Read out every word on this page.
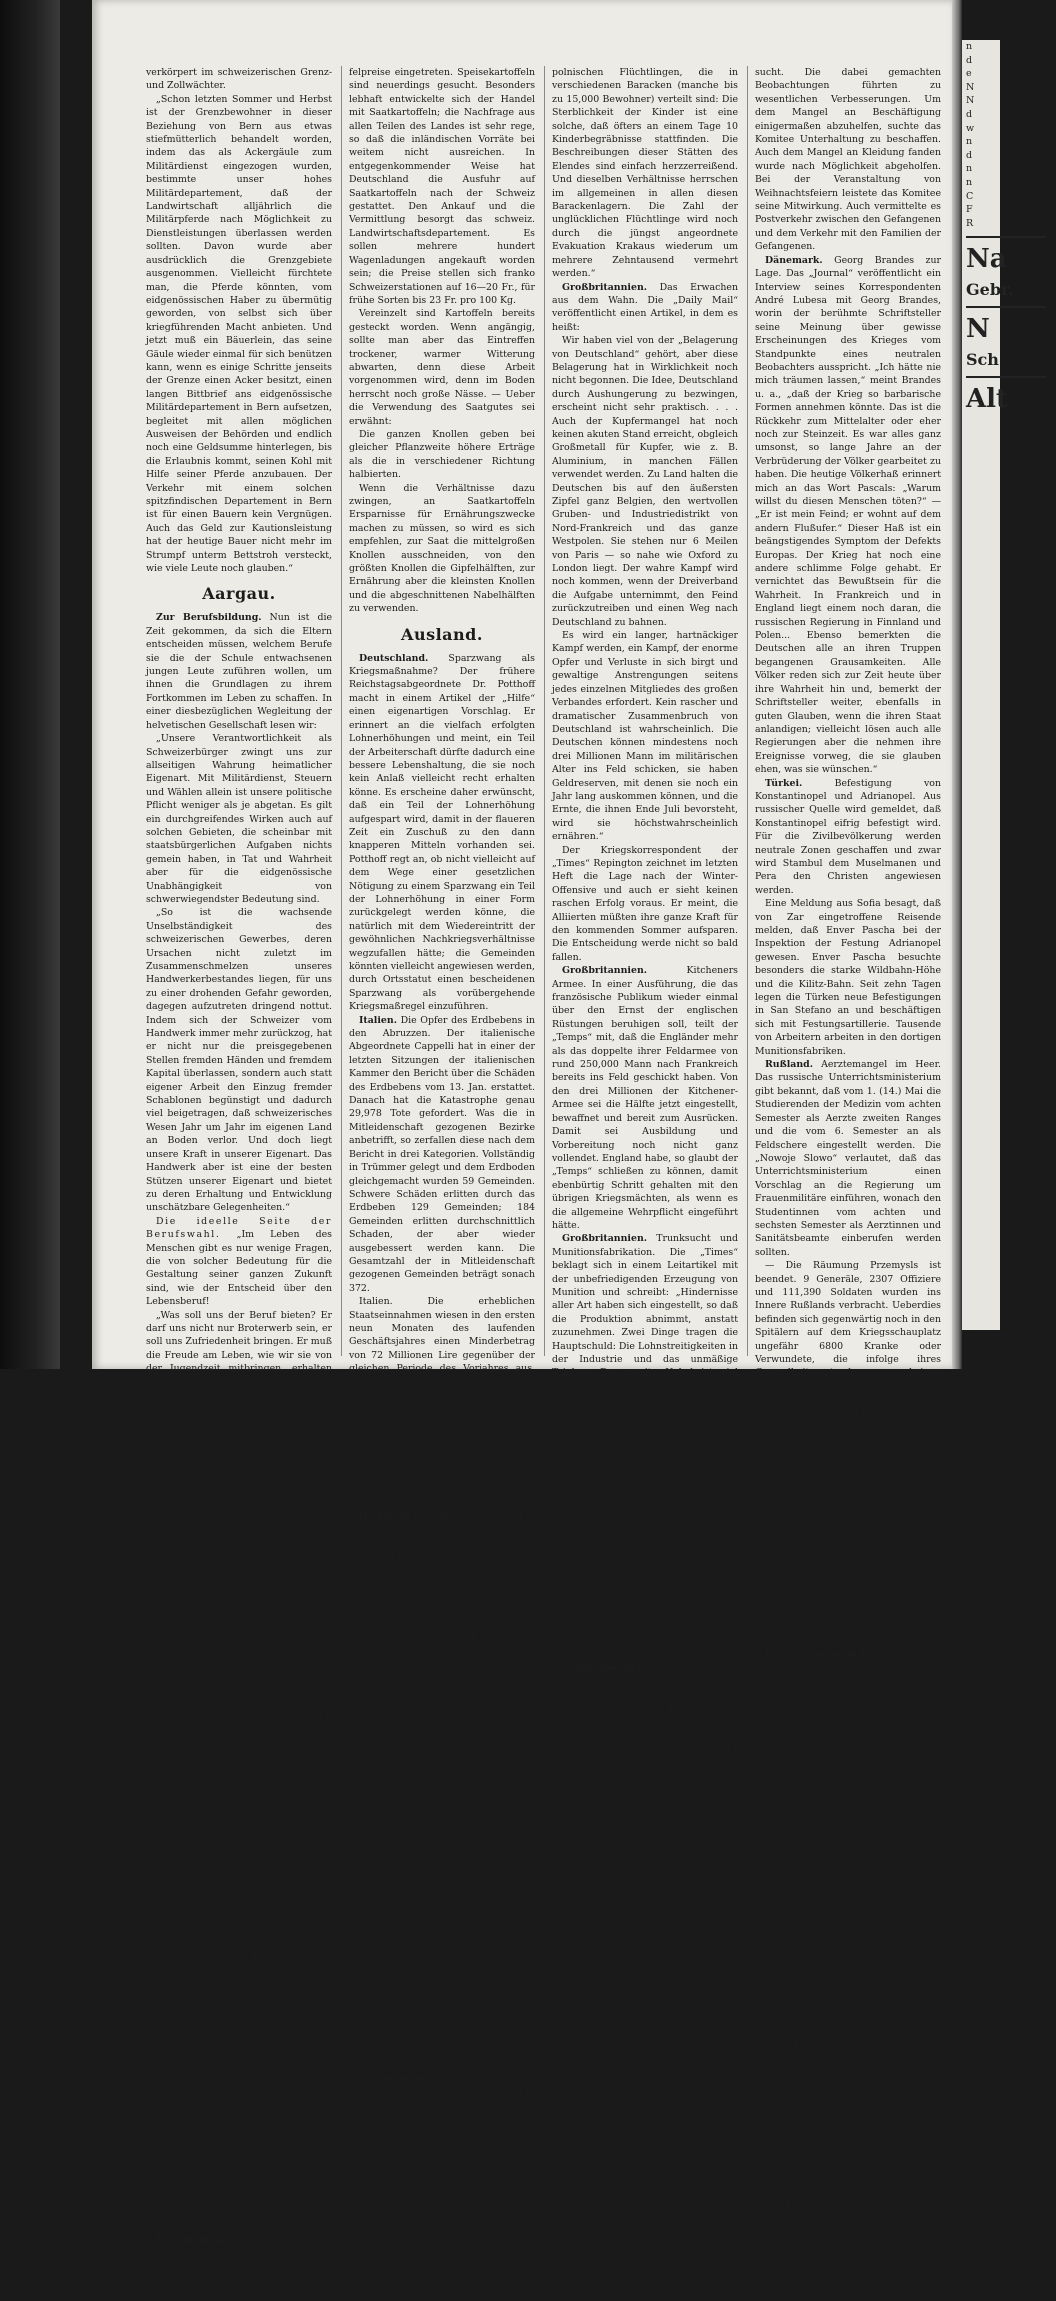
verkörpert im schweizerischen Grenz- und Zollwächter.

„Schon letzten Sommer und Herbst ist der Grenzbewohner in dieser Beziehung von Bern aus etwas stiefmütterlich behandelt worden, indem das als Ackergäule zum Militärdienst eingezogen wurden, bestimmte unser hohes Militärdepartement, daß der Landwirtschaft alljährlich die Militärpferde nach Möglichkeit zu Dienstleistungen überlassen werden sollten. Davon wurde aber ausdrücklich die Grenzgebiete ausgenommen. Vielleicht fürchtete man, die Pferde könnten, vom eidgenössischen Haber zu übermütig geworden, von selbst sich über kriegführenden Macht anbieten. Und jetzt muß ein Bäuerlein, das seine Gäule wieder einmal für sich benützen kann, wenn es einige Schritte jenseits der Grenze einen Acker besitzt, einen langen Bittbrief ans eidgenössische Militärdepartement in Bern aufsetzen, begleitet mit allen möglichen Ausweisen der Behörden und endlich noch eine Geldsumme hinterlegen, bis die Erlaubnis kommt, seinen Kohl mit Hilfe seiner Pferde anzubauen. Der Verkehr mit einem solchen spitzfindischen Departement in Bern ist für einen Bauern kein Vergnügen. Auch das Geld zur Kautionsleistung hat der heutige Bauer nicht mehr im Strumpf unterm Bettstroh versteckt, wie viele Leute noch glauben.“

Aargau.

Zur Berufsbildung. Nun ist die Zeit gekommen, da sich die Eltern entscheiden müssen, welchem Berufe sie die der Schule entwachsenen jungen Leute zuführen wollen, um ihnen die Grundlagen zu ihrem Fortkommen im Leben zu schaffen. In einer diesbezüglichen Wegleitung der helvetischen Gesellschaft lesen wir:

„Unsere Verantwortlichkeit als Schweizerbürger zwingt uns zur allseitigen Wahrung heimatlicher Eigenart. Mit Militärdienst, Steuern und Wählen allein ist unsere politische Pflicht weniger als je abgetan. Es gilt ein durchgreifendes Wirken auch auf solchen Gebieten, die scheinbar mit staatsbürgerlichen Aufgaben nichts gemein haben, in Tat und Wahrheit aber für die eidgenössische Unabhängigkeit von schwerwiegendster Bedeutung sind.

„So ist die wachsende Unselbständigkeit des schweizerischen Gewerbes, deren Ursachen nicht zuletzt im Zusammenschmelzen unseres Handwerkerbestandes liegen, für uns zu einer drohenden Gefahr geworden, dagegen aufzutreten dringend nottut. Indem sich der Schweizer vom Handwerk immer mehr zurückzog, hat er nicht nur die preisgegebenen Stellen fremden Händen und fremdem Kapital überlassen, sondern auch statt eigener Arbeit den Einzug fremder Schablonen begünstigt und dadurch viel beigetragen, daß schweizerisches Wesen Jahr um Jahr im eigenen Land an Boden verlor. Und doch liegt unsere Kraft in unserer Eigenart. Das Handwerk aber ist eine der besten Stützen unserer Eigenart und bietet zu deren Erhaltung und Entwicklung unschätzbare Gelegenheiten.“

Die ideelle Seite der Berufswahl. „Im Leben des Menschen gibt es nur wenige Fragen, die von solcher Bedeutung für die Gestaltung seiner ganzen Zukunft sind, wie der Entscheid über den Lebensberuf!

„Was soll uns der Beruf bieten? Er darf uns nicht nur Broterwerb sein, er soll uns Zufriedenheit bringen. Er muß die Freude am Leben, wie wir sie von der Jugendzeit mitbringen, erhalten und mehren, nicht aber sie verkümmern. Dies ist nur möglich, wenn im Berufe alle Fähigkeiten zur Entfaltung kommen und dabei die Gelegenheit zur Entwicklung, in möglichst reichem Maße geboten ist. Bringt euch also nicht um den schönsten und edelsten Reichtum im Leben dadurch, daß ihr von Anfang an einen zu schweren Beruf wählet; einen Beruf, bei dem ihr unter Einsetzung eurer ganzen Kraft nur Mittelmäßiges leisten könnt, oder gar nur ein „Stümper“ bleibt. — Ihr Eltern, ihr Schüler, ziehet keine unnützen und sogar schädlichen Vergleiche! Denkt nicht, weil dieser Schüler, jener Kamerad, jener Verwandte, diesen Beruf ergriffen hat, darf mein Kind, darf ich, ebenfalls einen einfacheren Beruf wählen! Kümmert euch gar nicht darum, was andere tun; seid ehrlich gegen euch selbst, hütet euch vor Selbsttäuschung und wählt keinen höheren Beruf als den, von welchem ihr die innerste Ueberzeugung habt, darin nur „Ganzes“ leisten und ein „Meister“ werden zu können!

„Verschmäht nicht einen einfachen Beruf, weil ihr glaubt, eure genossene Schulbildung sei zu hoch dazu; denn in jedem Berufe, so einfach er sei, bringt möglichst gute, allgemeine Bildung reichliche Früchte, sofern sie mit Geschick und Menschenkenntnis gepaart ist. Wählt ihr aber einen zu schwierigen Beruf, dem eure Fähigkeiten nicht gewachsen sind, so bleiben euch die einfachern Funktionen dieses Erwerbszweiges eurer Arbeitsgebiet. Das Interessante, das euch zu diesem Berufe verlockte, bleibt euch vorenthalten. Es fehlt der Erfolg. Stillstand ist Rückschritt und Verkümmerung die Folge. Wenn man aber am Berufe keine Freude findet, sucht man sie anderswo. Da bietet nun unser allzu sehr entwickeltes, die Volkskraft verzehrendes Vereins- und Wirtshausleben scheinbaren Ersatz. Hier holen sich leider viele ihr bischen Lebensfreude; aber zum Schaden ihrer Familie und ihrer eigenen Gesundheit. Vom Morgen bis am Abend verrichten sie mißmutig ihren Beruf, der ihnen nur Broterwerb ist. Sie denken nur an die Erholung am Abend im Verein oder im Wirtshause, oder an die Genüsse am Sonntag. Darum sollt ihr also einen Beruf zu wählen, der euch nur Auskommen, aber keinen Erfolg, keine Befriedigung bringen wird!“

(Fortsetzung folgt).

Kartoffelpreise. Im Laufe des Monats März ist eine weitere Erhöhung der Kartof-

felpreise eingetreten. Speisekartoffeln sind neuerdings gesucht. Besonders lebhaft entwickelte sich der Handel mit Saatkartoffeln; die Nachfrage aus allen Teilen des Landes ist sehr rege, so daß die inländischen Vorräte bei weitem nicht ausreichen. In entgegenkommender Weise hat Deutschland die Ausfuhr auf Saatkartoffeln nach der Schweiz gestattet. Den Ankauf und die Vermittlung besorgt das schweiz. Landwirtschaftsdepartement. Es sollen mehrere hundert Wagenladungen angekauft worden sein; die Preise stellen sich franko Schweizerstationen auf 16—20 Fr., für frühe Sorten bis 23 Fr. pro 100 Kg.

Vereinzelt sind Kartoffeln bereits gesteckt worden. Wenn angängig, sollte man aber das Eintreffen trockener, warmer Witterung abwarten, denn diese Arbeit vorgenommen wird, denn im Boden herrscht noch große Nässe. — Ueber die Verwendung des Saatgutes sei erwähnt:

Die ganzen Knollen geben bei gleicher Pflanzweite höhere Erträge als die in verschiedener Richtung halbierten.

Wenn die Verhältnisse dazu zwingen, an Saatkartoffeln Ersparnisse für Ernährungszwecke machen zu müssen, so wird es sich empfehlen, zur Saat die mittelgroßen Knollen ausschneiden, von den größten Knollen die Gipfelhälften, zur Ernährung aber die kleinsten Knollen und die abgeschnittenen Nabelhälften zu verwenden.

Ausland.

Deutschland. Sparzwang als Kriegsmaßnahme? Der frühere Reichstagsabgeordnete Dr. Potthoff macht in einem Artikel der „Hilfe“ einen eigenartigen Vorschlag. Er erinnert an die vielfach erfolgten Lohnerhöhungen und meint, ein Teil der Arbeiterschaft dürfte dadurch eine bessere Lebenshaltung, die sie noch kein Anlaß vielleicht recht erhalten könne. Es erscheine daher erwünscht, daß ein Teil der Lohnerhöhung aufgespart wird, damit in der flaueren Zeit ein Zuschuß zu den dann knapperen Mitteln vorhanden sei. Potthoff regt an, ob nicht vielleicht auf dem Wege einer gesetzlichen Nötigung zu einem Sparzwang ein Teil der Lohnerhöhung in einer Form zurückgelegt werden könne, die natürlich mit dem Wiedereintritt der gewöhnlichen Nachkriegsverhältnisse wegzufallen hätte; die Gemeinden könnten vielleicht angewiesen werden, durch Ortsstatut einen bescheidenen Sparzwang als vorübergehende Kriegsmaßregel einzuführen.

Italien. Die Opfer des Erdbebens in den Abruzzen. Der italienische Abgeordnete Cappelli hat in einer der letzten Sitzungen der italienischen Kammer den Bericht über die Schäden des Erdbebens vom 13. Jan. erstattet. Danach hat die Katastrophe genau 29,978 Tote gefordert. Was die in Mitleidenschaft gezogenen Bezirke anbetrifft, so zerfallen diese nach dem Bericht in drei Kategorien. Vollständig in Trümmer gelegt und dem Erdboden gleichgemacht wurden 59 Gemeinden. Schwere Schäden erlitten durch das Erdbeben 129 Gemeinden; 184 Gemeinden erlitten durchschnittlich Schaden, der aber wieder ausgebessert werden kann. Die Gesamtzahl der in Mitleidenschaft gezogenen Gemeinden beträgt sonach 372.

Italien. Die erheblichen Staatseinnahmen wiesen in den ersten neun Monaten des laufenden Geschäftsjahres einen Minderbetrag von 72 Millionen Lire gegenüber der gleichen Periode des Vorjahres aus. Die Zolleinnahmen auf Getreide verminderten sich um 44 Millionen und die übrigen Konsumsteuern, vor denen namentlich die Fabrikationssteuer auf Zucker und Spiritus zurückgingen, zusammen um 69 Millionen. Dagegen stieg der Ertrag des Tabakmonopols um 18 Millionen und die Einkommensteuer um 26 Millionen.

Oesterreich-Ungarn. Die Lebensmittelfrage in den okkupierten Gebieten. (K. k. Korr.-Bureau.) Aus dem Kriegspressequartier wird gemeldet: Die Erkenntnis der Tatsache, daß die bringlichste und wichtigste Angelegenheit für die Bevölkerung der Okkupationsgebiete in Russisch-Polen dermalen die Lebensmittelfrage bildet, veranlaßt das Etappenkommando an die ihm unterstehenden Kommandos der Armee Vorschriften zu erlassen, die die ausreichende Approvisionierung der besetzten Gebiete von Russisch-Polen sicher stellen. In jedem Kreise ist der Bedarf bis zum 15. August dieses Jahres unter Zugrundelegung einer Tagesquote von 200 Gramm Brot oder 1000 Gramm Kartoffeln oder sonstiger Surrogate pro Kopf ebenfalls festzustellen, wobei das Saatgut nicht zu rechnen ist. Die Anlage von Lebensmittelmagazinen und die Bildung von Approvisionierungskommissionen wird empfohlen. Die unentgeltliche Abgabe von Lebensmitteln an wirklich arme, bedürftige Leute wird angeordnet. Auch Speisehallen oder sonstige Naturalverpflegungsstationen sind zu errichten und zu fördern. Alle Verlautbarungen betr. die Approvisionierungen müssen in polnischer Sprache und unter Hervorhebung des Grundsatzes erfolgen, daß die österreichisch-ungarische Militärverwaltung eine vornehmste Pflicht darin erblickt, die Armen und Schwachen zu schützen und der Not des Volkes nach Kräften abzuhelfen.

Oesterreich-Ungarn. Von den Leiden der polnischen Bevölkerung in den eigentlichen Kampfgebieten erhält man nur spärliche direkte Nachrichten, weil infolge der streng gehandhabten Zensur weder Zeitungen noch Privatbriefe mit derartigen Schilderungen zu uns gelangen können. Doch ist die bedauernswerte polnische Bevölkerung sogar außerhalb der Operationsgebiete der Armeen den schlimmsten Entbehrungen ausgesetzt. Wie z. B. aus einem österreichischen Bericht: „Das Komitee in Prag besitzt sich mit mehr als 200,000

polnischen Flüchtlingen, die in verschiedenen Baracken (manche bis zu 15,000 Bewohner) verteilt sind: Die Sterblichkeit der Kinder ist eine solche, daß öfters an einem Tage 10 Kinderbegräbnisse stattfinden. Die Beschreibungen dieser Stätten des Elendes sind einfach herzzerreißend. Und dieselben Verhältnisse herrschen im allgemeinen in allen diesen Barackenlagern. Die Zahl der unglücklichen Flüchtlinge wird noch durch die jüngst angeordnete Evakuation Krakaus wiederum um mehrere Zehntausend vermehrt werden.“

Großbritannien. Das Erwachen aus dem Wahn. Die „Daily Mail“ veröffentlicht einen Artikel, in dem es heißt:

Wir haben viel von der „Belagerung von Deutschland“ gehört, aber diese Belagerung hat in Wirklichkeit noch nicht begonnen. Die Idee, Deutschland durch Aushungerung zu bezwingen, erscheint nicht sehr praktisch. . . . Auch der Kupfermangel hat noch keinen akuten Stand erreicht, obgleich Großmetall für Kupfer, wie z. B. Aluminium, in manchen Fällen verwendet werden. Zu Land halten die Deutschen bis auf den äußersten Zipfel ganz Belgien, den wertvollen Gruben- und Industriedistrikt von Nord-Frankreich und das ganze Westpolen. Sie stehen nur 6 Meilen von Paris — so nahe wie Oxford zu London liegt. Der wahre Kampf wird noch kommen, wenn der Dreiverband die Aufgabe unternimmt, den Feind zurückzutreiben und einen Weg nach Deutschland zu bahnen.

Es wird ein langer, hartnäckiger Kampf werden, ein Kampf, der enorme Opfer und Verluste in sich birgt und gewaltige Anstrengungen seitens jedes einzelnen Mitgliedes des großen Verbandes erfordert. Kein rascher und dramatischer Zusammenbruch von Deutschland ist wahrscheinlich. Die Deutschen können mindestens noch drei Millionen Mann im militärischen Alter ins Feld schicken, sie haben Geldreserven, mit denen sie noch ein Jahr lang auskommen können, und die Ernte, die ihnen Ende Juli bevorsteht, wird sie höchstwahrscheinlich ernähren.“

Der Kriegskorrespondent der „Times“ Repington zeichnet im letzten Heft die Lage nach der Winter-Offensive und auch er sieht keinen raschen Erfolg voraus. Er meint, die Alliierten müßten ihre ganze Kraft für den kommenden Sommer aufsparen. Die Entscheidung werde nicht so bald fallen.

Großbritannien. Kitcheners Armee. In einer Ausführung, die das französische Publikum wieder einmal über den Ernst der englischen Rüstungen beruhigen soll, teilt der „Temps“ mit, daß die Engländer mehr als das doppelte ihrer Feldarmee von rund 250,000 Mann nach Frankreich bereits ins Feld geschickt haben. Von den drei Millionen der Kitchener-Armee sei die Hälfte jetzt eingestellt, bewaffnet und bereit zum Ausrücken. Damit sei Ausbildung und Vorbereitung noch nicht ganz vollendet. England habe, so glaubt der „Temps“ schließen zu können, damit ebenbürtig Schritt gehalten mit den übrigen Kriegsmächten, als wenn es die allgemeine Wehrpflicht eingeführt hätte.

Großbritannien. Trunksucht und Munitionsfabrikation. Die „Times“ beklagt sich in einem Leitartikel mit der unbefriedigenden Erzeugung von Munition und schreibt: „Hindernisse aller Art haben sich eingestellt, so daß die Produktion abnimmt, anstatt zuzunehmen. Zwei Dinge tragen die Hauptschuld: Die Lohnstreitigkeiten in der Industrie und das unmäßige Trinken. Das zweite Uebel ist viel schlimmer als das erste; es ist schwer, ihm beizukommen. Die Trunksucht ist jedenfalls die Hauptschwierigkeit. Aus Lloyd Georges Bemerkungen läßt sich schließen, daß gegen die Schankwirtschaften und Kneipen eingeschritten werden soll. Man wird annehmen können, daß die Zwangsmaßregeln auf alle Schichten der Bevölkerung ausgedehnt werden sollen und nicht nur auf die Arbeiter. Das einzige Mittel, die Arbeiter wirklich zu beeinflussen, wäre, wenn die Kreise, auf die es ankommt, für die Dauer des Krieges freiwillig dem Genuß geistiger Getränke entsagten und so ein Beispiel gäben. Wenn diese Kreise jedoch fortfahren, im Klub und zu Hause zu trinken, werden die Arbeiter am Clyde und Tyne dasselbe tun.“

Großbritannien. Das englische Hilfskomitee für Deutsche in England versendet seinen zweiten Bericht, der die Zeit des Jahres 1914 reicht. Mehr als 20 freiwillige und vier bezahlte Kräfte sind ständig im Bureau des Komitees beschäftigt. Bis Ende 1914 sind etwa 3000 Unterstützungsfälle behandelt, ungerechnet 2650 Gesuche zu Weihnachten. Die wöchentliche Ausgabe beträgt etwa 10,000 M. Eigene Abteilungen des Komitees beschäftigen sich mit Vermittlung von Arbeit, mit Beschaffung von Unterhalt in Familien, mit Hilfe für Frauen die ihre Niederkunft erwarten, mit Verteilung von Kleidern, mit Ermöglichung der Heimreise und endlich mit Besuch der Gefangenenlager. Es gab Ende des Jahres 20 solche Lager, in denen mehr als 23,000 Gefangene, darunter etwa 15,000 Zivilgefangene, eingeschlossen sind. Männer, unterscheidet man. Die Lager wurden von Mitgliedern des Komitees und dritten Vertretern besichtigt und

sucht. Die dabei gemachten Beobachtungen führten zu wesentlichen Verbesserungen. Um dem Mangel an Beschäftigung einigermaßen abzuhelfen, suchte das Komitee Unterhaltung zu beschaffen. Auch dem Mangel an Kleidung fanden wurde nach Möglichkeit abgeholfen. Bei der Veranstaltung von Weihnachtsfeiern leistete das Komitee seine Mitwirkung. Auch vermittelte es Postverkehr zwischen den Gefangenen und dem Verkehr mit den Familien der Gefangenen.

Dänemark. Georg Brandes zur Lage. Das „Journal“ veröffentlicht ein Interview seines Korrespondenten André Lubesa mit Georg Brandes, worin der berühmte Schriftsteller seine Meinung über gewisse Erscheinungen des Krieges vom Standpunkte eines neutralen Beobachters ausspricht. „Ich hätte nie mich träumen lassen,“ meint Brandes u. a., „daß der Krieg so barbarische Formen annehmen könnte. Das ist die Rückkehr zum Mittelalter oder eher noch zur Steinzeit. Es war alles ganz umsonst, so lange Jahre an der Verbrüderung der Völker gearbeitet zu haben. Die heutige Völkerhaß erinnert mich an das Wort Pascals: „Warum willst du diesen Menschen töten?“ — „Er ist mein Feind; er wohnt auf dem andern Flußufer.“ Dieser Haß ist ein beängstigendes Symptom der Defekts Europas. Der Krieg hat noch eine andere schlimme Folge gehabt. Er vernichtet das Bewußtsein für die Wahrheit. In Frankreich und in England liegt einem noch daran, die russischen Regierung in Finnland und Polen... Ebenso bemerkten die Deutschen alle an ihren Truppen begangenen Grausamkeiten. Alle Völker reden sich zur Zeit heute über ihre Wahrheit hin und, bemerkt der Schriftsteller weiter, ebenfalls in guten Glauben, wenn die ihren Staat anlandigen; vielleicht lösen auch alle Regierungen aber die nehmen ihre Ereignisse vorweg, die sie glauben ehen, was sie wünschen.“

Türkei. Befestigung von Konstantinopel und Adrianopel. Aus russischer Quelle wird gemeldet, daß Konstantinopel eifrig befestigt wird. Für die Zivilbevölkerung werden neutrale Zonen geschaffen und zwar wird Stambul dem Muselmanen und Pera den Christen angewiesen werden.

Eine Meldung aus Sofia besagt, daß von Zar eingetroffene Reisende melden, daß Enver Pascha bei der Inspektion der Festung Adrianopel gewesen. Enver Pascha besuchte besonders die starke Wildbahn-Höhe und die Kilitz-Bahn. Seit zehn Tagen legen die Türken neue Befestigungen in San Stefano an und beschäftigen sich mit Festungsartillerie. Tausende von Arbeitern arbeiten in den dortigen Munitionsfabriken.

Rußland. Aerztemangel im Heer. Das russische Unterrichtsministerium gibt bekannt, daß vom 1. (14.) Mai die Studierenden der Medizin vom achten Semester als Aerzte zweiten Ranges und die vom 6. Semester an als Feldschere eingestellt werden. Die „Nowoje Slowo“ verlautet, daß das Unterrichtsministerium einen Vorschlag an die Regierung um Frauenmilitäre einführen, wonach den Studentinnen vom achten und sechsten Semester als Aerztinnen und Sanitätsbeamte einberufen werden sollten.

— Die Räumung Przemysls ist beendet. 9 Generäle, 2307 Offiziere und 111,390 Soldaten wurden ins Innere Rußlands verbracht. Ueberdies befinden sich gegenwärtig noch in den Spitälern auf dem Kriegsschauplatz ungefähr 6800 Kranke oder Verwundete, die infolge ihres Gesundheitszustandes keinen sofortigen Transport nicht verlegt werden. Zur Pflege dieser Verwundeten und Kranken wurden 129 österreichische Aerzte und 100 österreichische Krankenpfleger in den Spitälern zurückgelassen. Man hat in Przemysl eine gewaltige Menge Kriegsmaterial erbeutet, das im einzelnen noch nicht festgestellt wurde. Bis jetzt haben wir 900 Geschütze gezählt, von welchen aber die meisten unbrauchbar sind. Das Fort Siedliska, das in der Nähe der Stadt liegt, enthielt noch manche Vorräte an Kriegsmaterial. Viele Geschütze, Gewehre und anderweitiges Kriegsmaterial wurde von den Oesterreichern in San versenkt. (Russische amtliche Meldung.)

Ein Frauenmörder. In den englischen Blättern ist von einem aufsehenerregenden Prozeß zu lesen, der sich vor dem Londoner Gerichtshof abspielt und der in manchem den Fall des Raubmörders Hopf erinnert. Es handelt sich um einen neununddreißigjährigen Mann mit Namen George Joseph Smith, der beschuldigt wird, seine drei Frauen nacheinander im Bade ertränkt zu haben, und zwar jedesmal kurz nachdem er sie veranlaßt hatte, sich hoch in Lebensversicherungen einzukaufen, und nicht ehe er ihr eigenes Vermögen an sich gezogen hatte, bis Abschluß seiner letzten Ehe eine Fälschung begangen hatte. Sein Vater war Versicherungsagent. Nun wurde der Angeklagte kurz vor Kriegsausbruch die Tatsache, daß er die Frauen ermordet hatte, entdeckt. Erst während der Verhandlung wurden seine früheren Ehen, die er unter einem falschen und unter fremdem Namen einging, auf diese geheimnisvollen, frühen Umstände, in denen der Tod seiner letzten drei Frauen erfolgte. Jedesmal wurde nach dem Tode der Frauen eine ungewöhnliche Eile an die Beseitigung der Leichen gezeigt, deren Tod 100 bis 2800 Pfund Sterling eingetragen hatte, wobei er sich um die Auszahlung der Versicherungen kümmerte. Nach dem Tode der ersten Frau, als er auf diese Weise, als er gerade deren Tod ihm die Lebensversicherungspolice seines letzten Opfers war, wegen des Verbrechens angeklagt. Er veranlaßte seine Frau, ein Testament zu seinen Gunsten aufzusetzen, worauf er wie immer deren Tod und die Auszahlung der Versicherung einkassieren. Der Angeklagte schrieb jedesmal einen gleichlautenden Brief an die Verwandten seiner

n
d
e
N
N
d
w
n
d
n
n
C
F
R
Na
Gebr.
N
Sch
Alt
